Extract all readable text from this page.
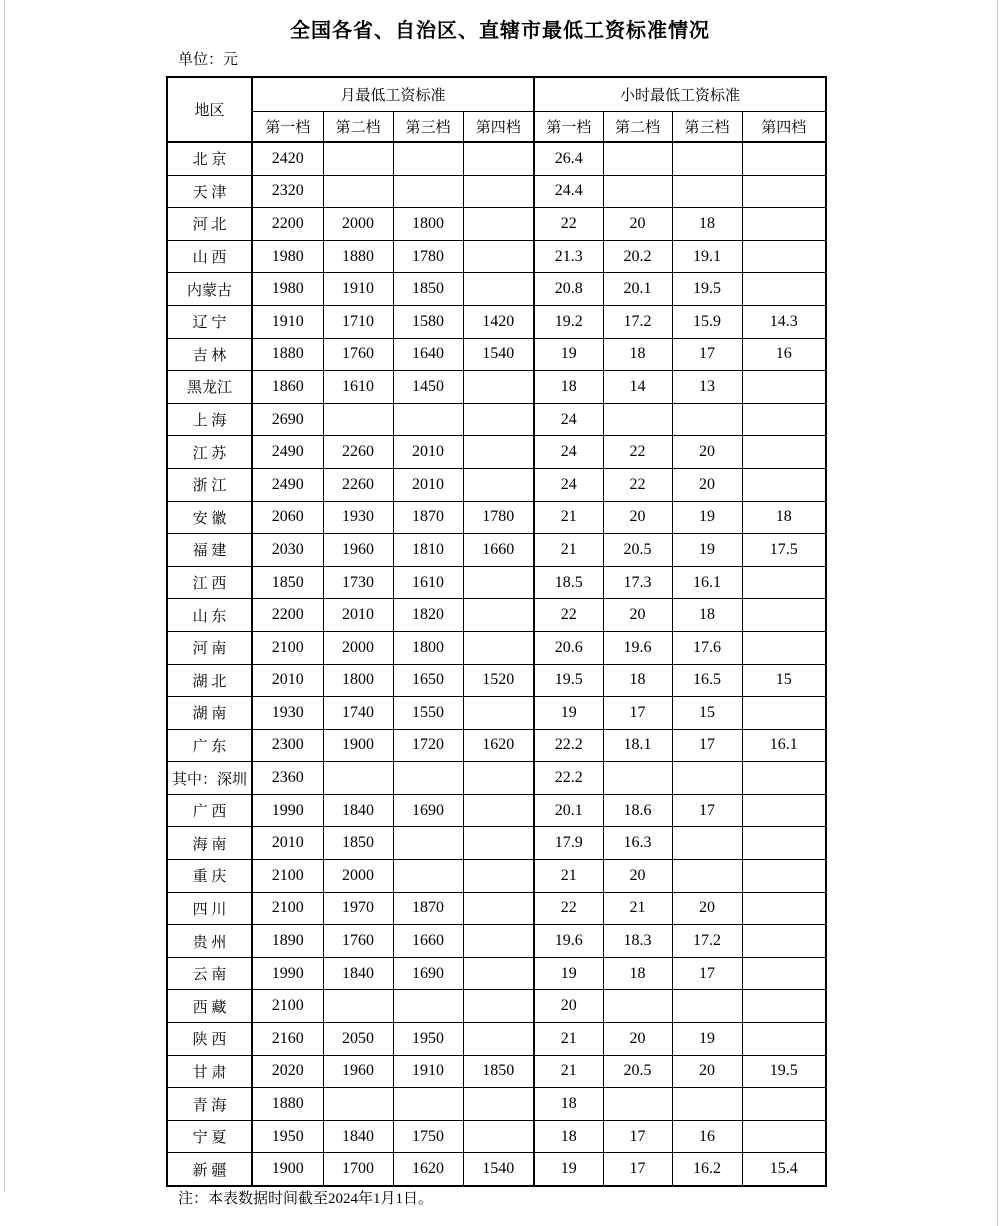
全国各省、自治区、直辖市最低工资标准情况
单位：元
地区	月最低工资标准				小时最低工资标准			
	第一档	第二档	第三档	第四档	第一档	第二档	第三档	第四档
北 京	2420				26.4			
天 津	2320				24.4			
河 北	2200	2000	1800		22	20	18	
山 西	1980	1880	1780		21.3	20.2	19.1	
内蒙古	1980	1910	1850		20.8	20.1	19.5	
辽 宁	1910	1710	1580	1420	19.2	17.2	15.9	14.3
吉 林	1880	1760	1640	1540	19	18	17	16
黑龙江	1860	1610	1450		18	14	13	
上 海	2690				24			
江 苏	2490	2260	2010		24	22	20	
浙 江	2490	2260	2010		24	22	20	
安 徽	2060	1930	1870	1780	21	20	19	18
福 建	2030	1960	1810	1660	21	20.5	19	17.5
江 西	1850	1730	1610		18.5	17.3	16.1	
山 东	2200	2010	1820		22	20	18	
河 南	2100	2000	1800		20.6	19.6	17.6	
湖 北	2010	1800	1650	1520	19.5	18	16.5	15
湖 南	1930	1740	1550		19	17	15	
广 东	2300	1900	1720	1620	22.2	18.1	17	16.1
其中：深圳	2360				22.2			
广 西	1990	1840	1690		20.1	18.6	17	
海 南	2010	1850			17.9	16.3		
重 庆	2100	2000			21	20		
四 川	2100	1970	1870		22	21	20	
贵 州	1890	1760	1660		19.6	18.3	17.2	
云 南	1990	1840	1690		19	18	17	
西 藏	2100				20			
陕 西	2160	2050	1950		21	20	19	
甘 肃	2020	1960	1910	1850	21	20.5	20	19.5
青 海	1880				18			
宁 夏	1950	1840	1750		18	17	16	
新 疆	1900	1700	1620	1540	19	17	16.2	15.4
注：本表数据时间截至2024年1月1日。
